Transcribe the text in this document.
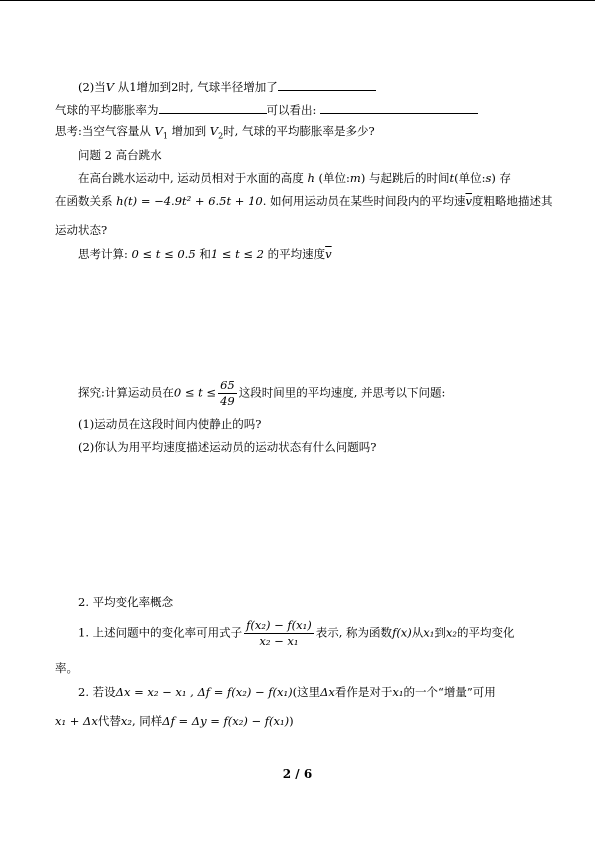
(2)当V 从1增加到2时, 气球半径增加了
气球的平均膨胀率为	可以看出:
思考:当空气容量从 $V_1$ 增加到 $V_2$时, 气球的平均膨胀率是多少?
问题 2 高台跳水
在高台跳水运动中, 运动员相对于水面的高度 h (单位:m) 与起跳后的时间t(单位:s) 存
在函数关系 h(t) = −4.9t² + 6.5t + 10. 如何用运动员在某些时间段内的平均速$\overline{v}$度粗略地描述其
运动状态?
思考计算: 0 ≤ t ≤ 0.5 和1 ≤ t ≤ 2 的平均速度$\overline{v}$
探究:计算运动员在$0 \le t \le \frac{65}{49}$ 这段时间里的平均速度, 并思考以下问题:
(1)运动员在这段时间内使静止的吗?
(2)你认为用平均速度描述运动员的运动状态有什么问题吗?
2. 平均变化率概念
1. 上述问题中的变化率可用式子 $\frac{\text{f(x₂) − f(x₁)}}{\text{x₂ − x₁}}$ 表示, 称为函数f(x)从x₁到x₂的平均变化
率。
2. 若设Δx = x₂ − x₁ , Δf = f(x₂) − f(x₁)(这里Δx看作是对于x₁的一个“增量”可用
x₁ + Δx代替x₂, 同样Δf = Δy = f(x₂) − f(x₁))
2 / 6
